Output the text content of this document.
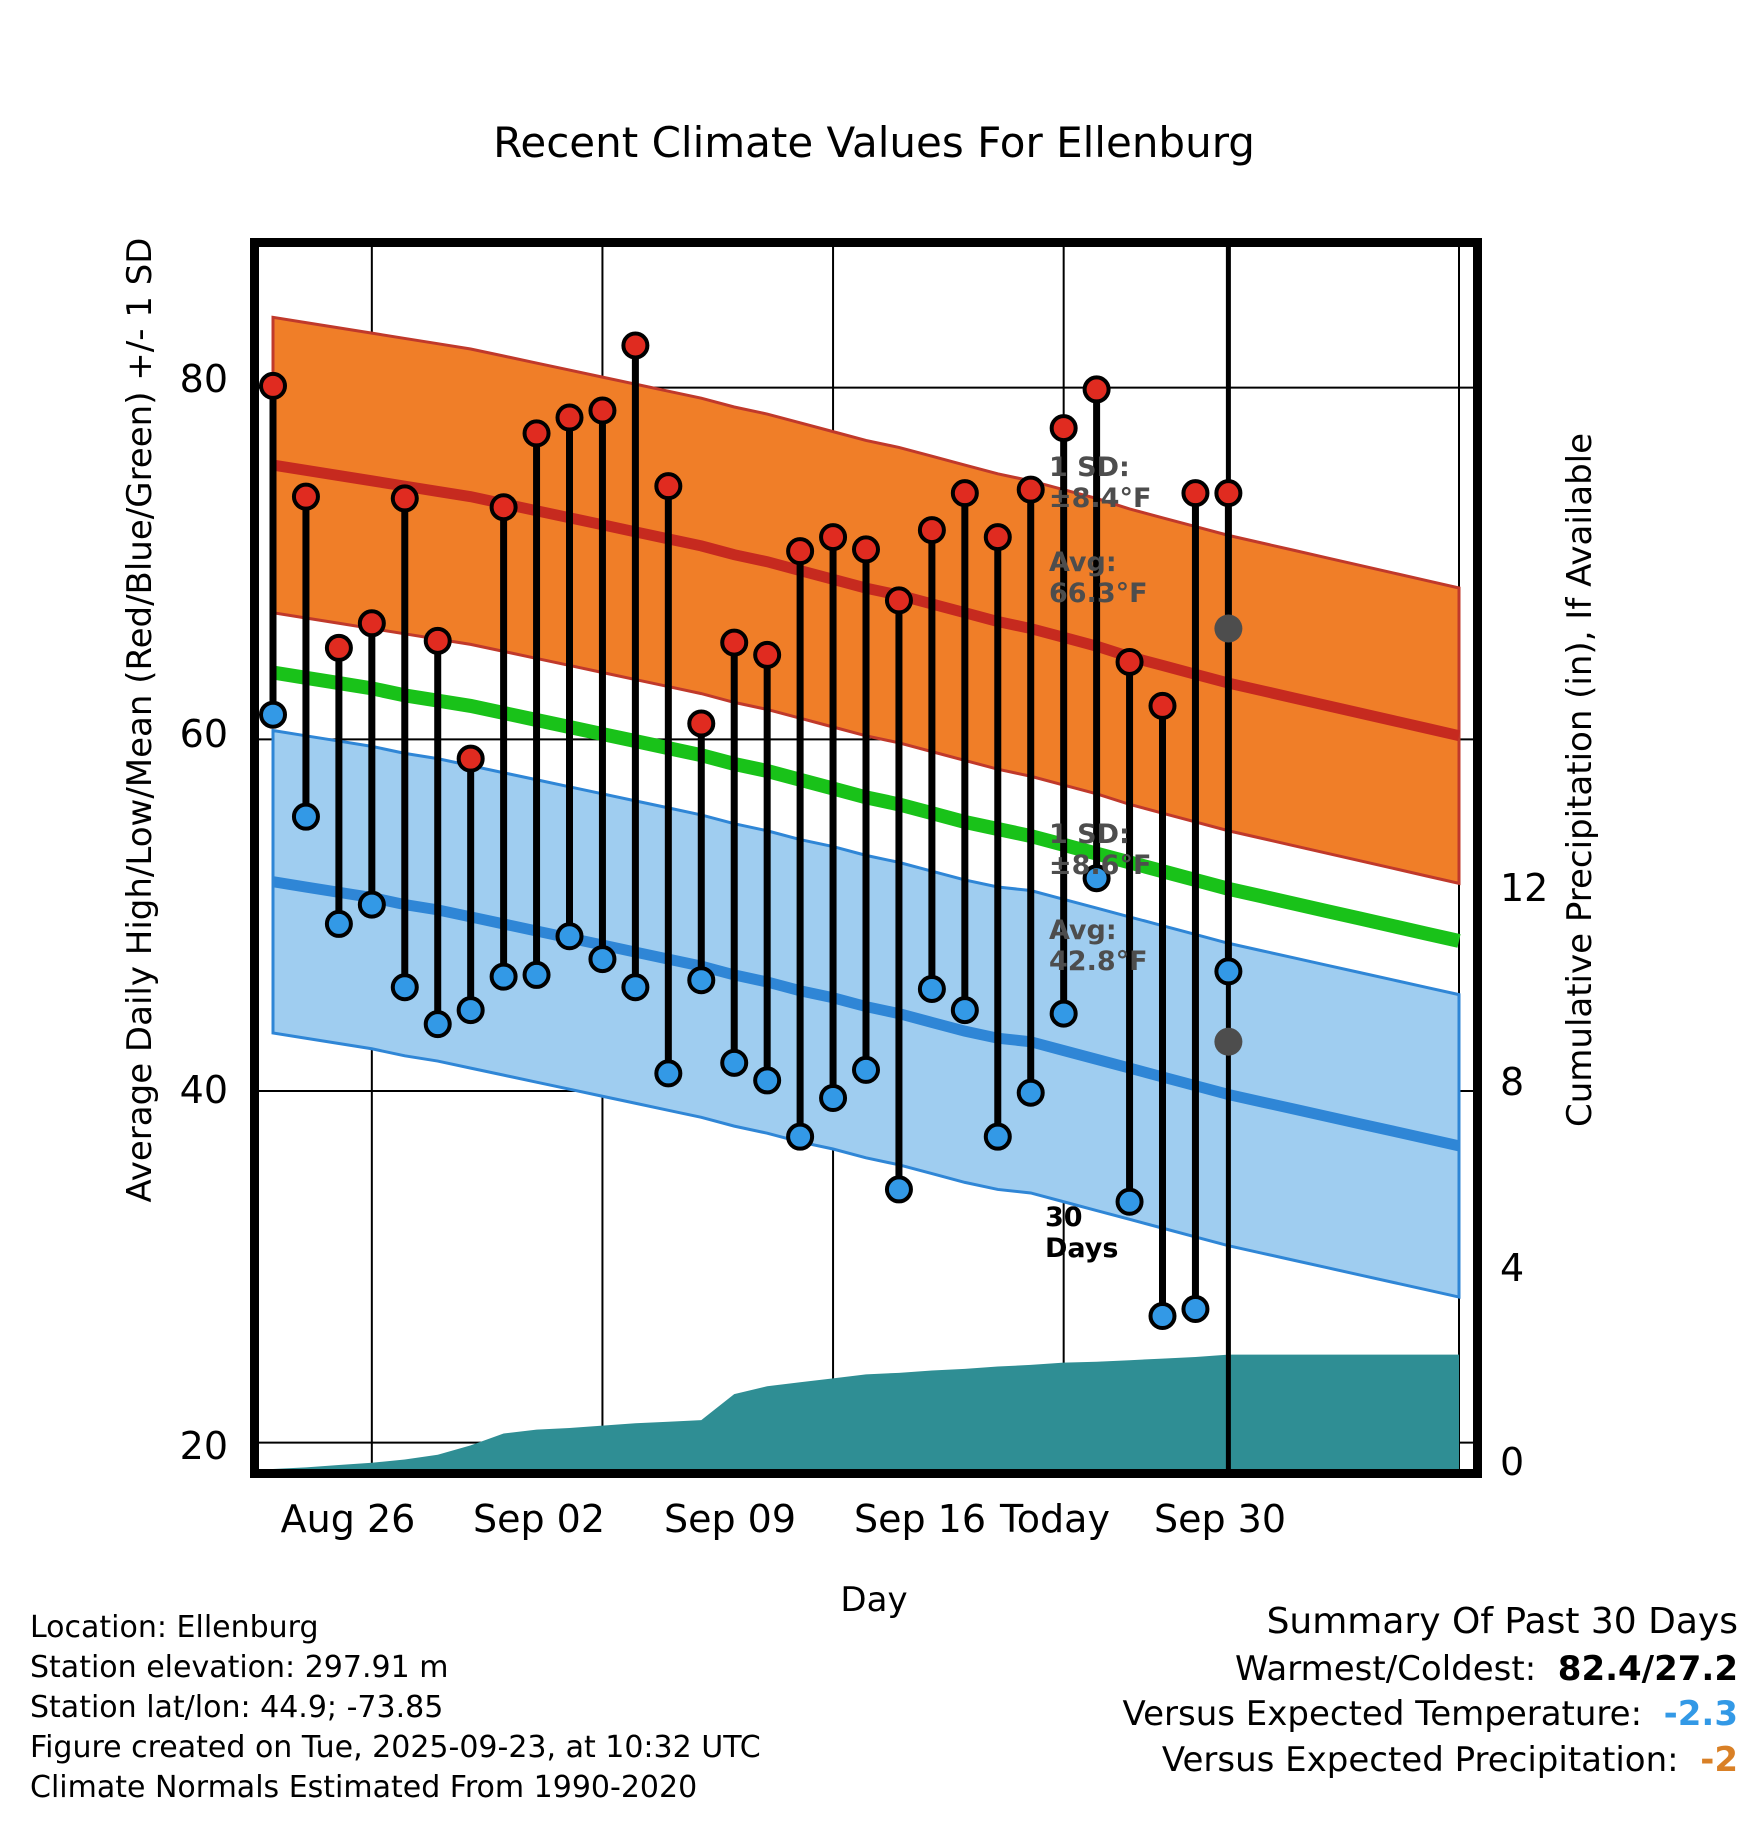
Recent Climate Values For Ellenburg
Average Daily High/Low/Mean (Red/Blue/Green) +/- 1 SD	Cumulative Precipitation (in), If Available
Day
20
40
60
80
0
4
8
12
Aug 26	Sep 02	Sep 09	Sep 16 Today	Sep 30
1 SD:
±8.4°F
Avg:
66.3°F
1 SD:
±8.6°F
Avg:
42.8°F
30
Days
Location: Ellenburg
Station elevation: 297.91 m
Station lat/lon: 44.9; -73.85
Figure created on Tue, 2025-09-23, at 10:32 UTC
Climate Normals Estimated From 1990-2020
Summary Of Past 30 Days
Warmest/Coldest: 82.4/27.2
Versus Expected Temperature: -2.3
Versus Expected Precipitation: -2
